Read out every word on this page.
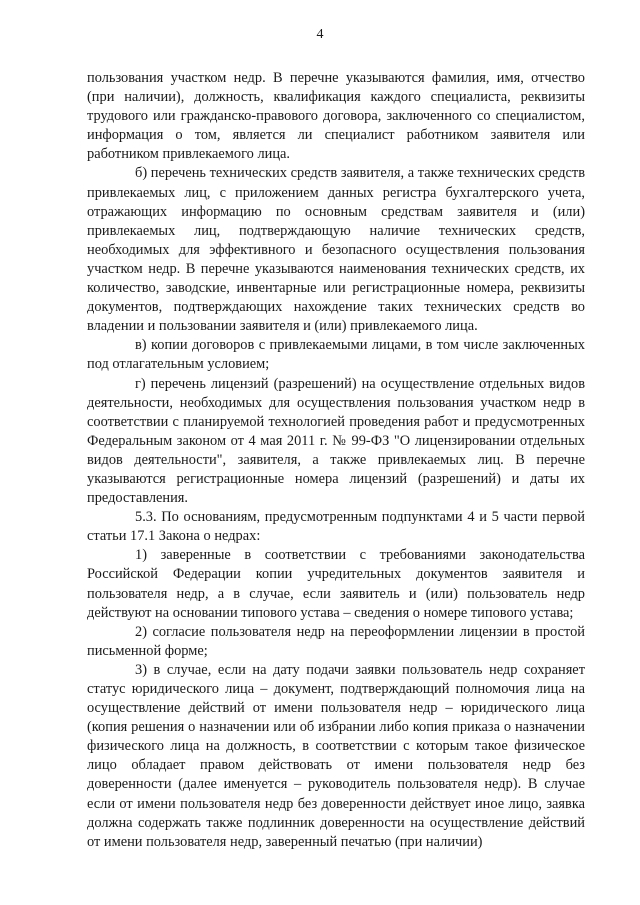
4

пользования участком недр. В перечне указываются фамилия, имя, отчество (при наличии), должность, квалификация каждого специалиста, реквизиты трудового или гражданско-правового договора, заключенного со специалистом, информация о том, является ли специалист работником заявителя или работником привлекаемого лица.

б) перечень технических средств заявителя, а также технических средств привлекаемых лиц, с приложением данных регистра бухгалтерского учета, отражающих информацию по основным средствам заявителя и (или) привлекаемых лиц, подтверждающую наличие технических средств, необходимых для эффективного и безопасного осуществления пользования участком недр. В перечне указываются наименования технических средств, их количество, заводские, инвентарные или регистрационные номера, реквизиты документов, подтверждающих нахождение таких технических средств во владении и пользовании заявителя и (или) привлекаемого лица.

в) копии договоров с привлекаемыми лицами, в том числе заключенных под отлагательным условием;

г) перечень лицензий (разрешений) на осуществление отдельных видов деятельности, необходимых для осуществления пользования участком недр в соответствии с планируемой технологией проведения работ и предусмотренных Федеральным законом от 4 мая 2011 г. № 99-ФЗ "О лицензировании отдельных видов деятельности", заявителя, а также привлекаемых лиц. В перечне указываются регистрационные номера лицензий (разрешений) и даты их предоставления.

5.3. По основаниям, предусмотренным подпунктами 4 и 5 части первой статьи 17.1 Закона о недрах:

1) заверенные в соответствии с требованиями законодательства Российской Федерации копии учредительных документов заявителя и пользователя недр, а в случае, если заявитель и (или) пользователь недр действуют на основании типового устава – сведения о номере типового устава;

2) согласие пользователя недр на переоформлении лицензии в простой письменной форме;

3) в случае, если на дату подачи заявки пользователь недр сохраняет статус юридического лица – документ, подтверждающий полномочия лица на осуществление действий от имени пользователя недр – юридического лица (копия решения о назначении или об избрании либо копия приказа о назначении физического лица на должность, в соответствии с которым такое физическое лицо обладает правом действовать от имени пользователя недр без доверенности (далее именуется – руководитель пользователя недр). В случае если от имени пользователя недр без доверенности действует иное лицо, заявка должна содержать также подлинник доверенности на осуществление действий от имени пользователя недр, заверенный печатью (при наличии)
